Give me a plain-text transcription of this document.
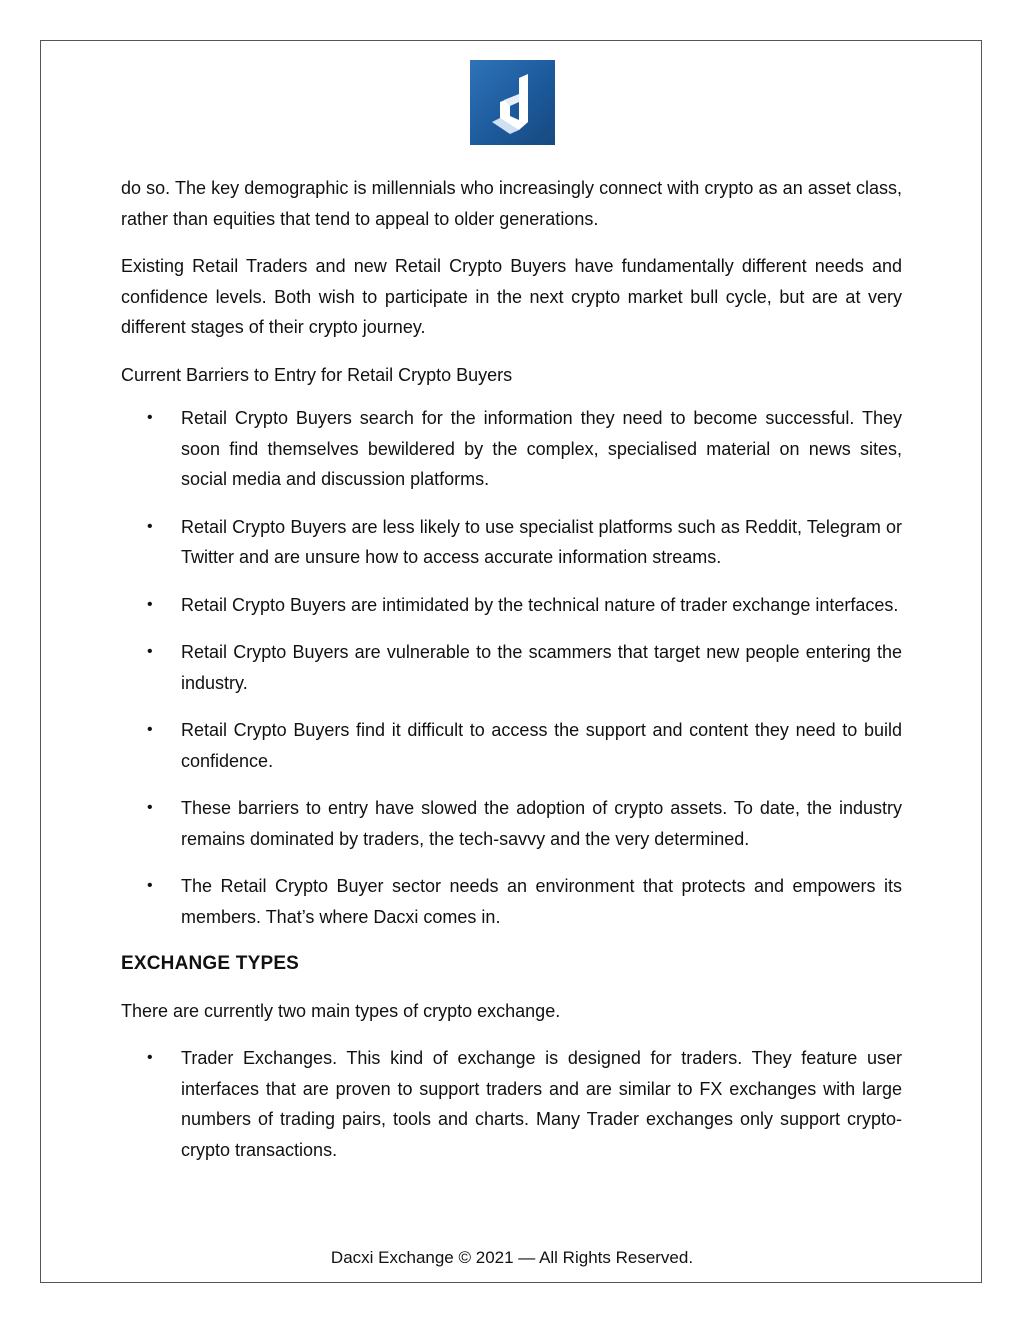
do so. The key demographic is millennials who increasingly connect with crypto as an asset class, rather than equities that tend to appeal to older generations.

Existing Retail Traders and new Retail Crypto Buyers have fundamentally different needs and confidence levels. Both wish to participate in the next crypto market bull cycle, but are at very different stages of their crypto journey.

Current Barriers to Entry for Retail Crypto Buyers

• Retail Crypto Buyers search for the information they need to become successful. They soon find themselves bewildered by the complex, specialised material on news sites, social media and discussion platforms.
• Retail Crypto Buyers are less likely to use specialist platforms such as Reddit, Telegram or Twitter and are unsure how to access accurate information streams.
• Retail Crypto Buyers are intimidated by the technical nature of trader exchange interfaces.
• Retail Crypto Buyers are vulnerable to the scammers that target new people entering the industry.
• Retail Crypto Buyers find it difficult to access the support and content they need to build confidence.
• These barriers to entry have slowed the adoption of crypto assets. To date, the industry remains dominated by traders, the tech-savvy and the very determined.
• The Retail Crypto Buyer sector needs an environment that protects and empowers its members. That’s where Dacxi comes in.
EXCHANGE TYPES

There are currently two main types of crypto exchange.

• Trader Exchanges. This kind of exchange is designed for traders. They feature user interfaces that are proven to support traders and are similar to FX exchanges with large numbers of trading pairs, tools and charts. Many Trader exchanges only support crypto-crypto transactions.
Dacxi Exchange © 2021 — All Rights Reserved.
